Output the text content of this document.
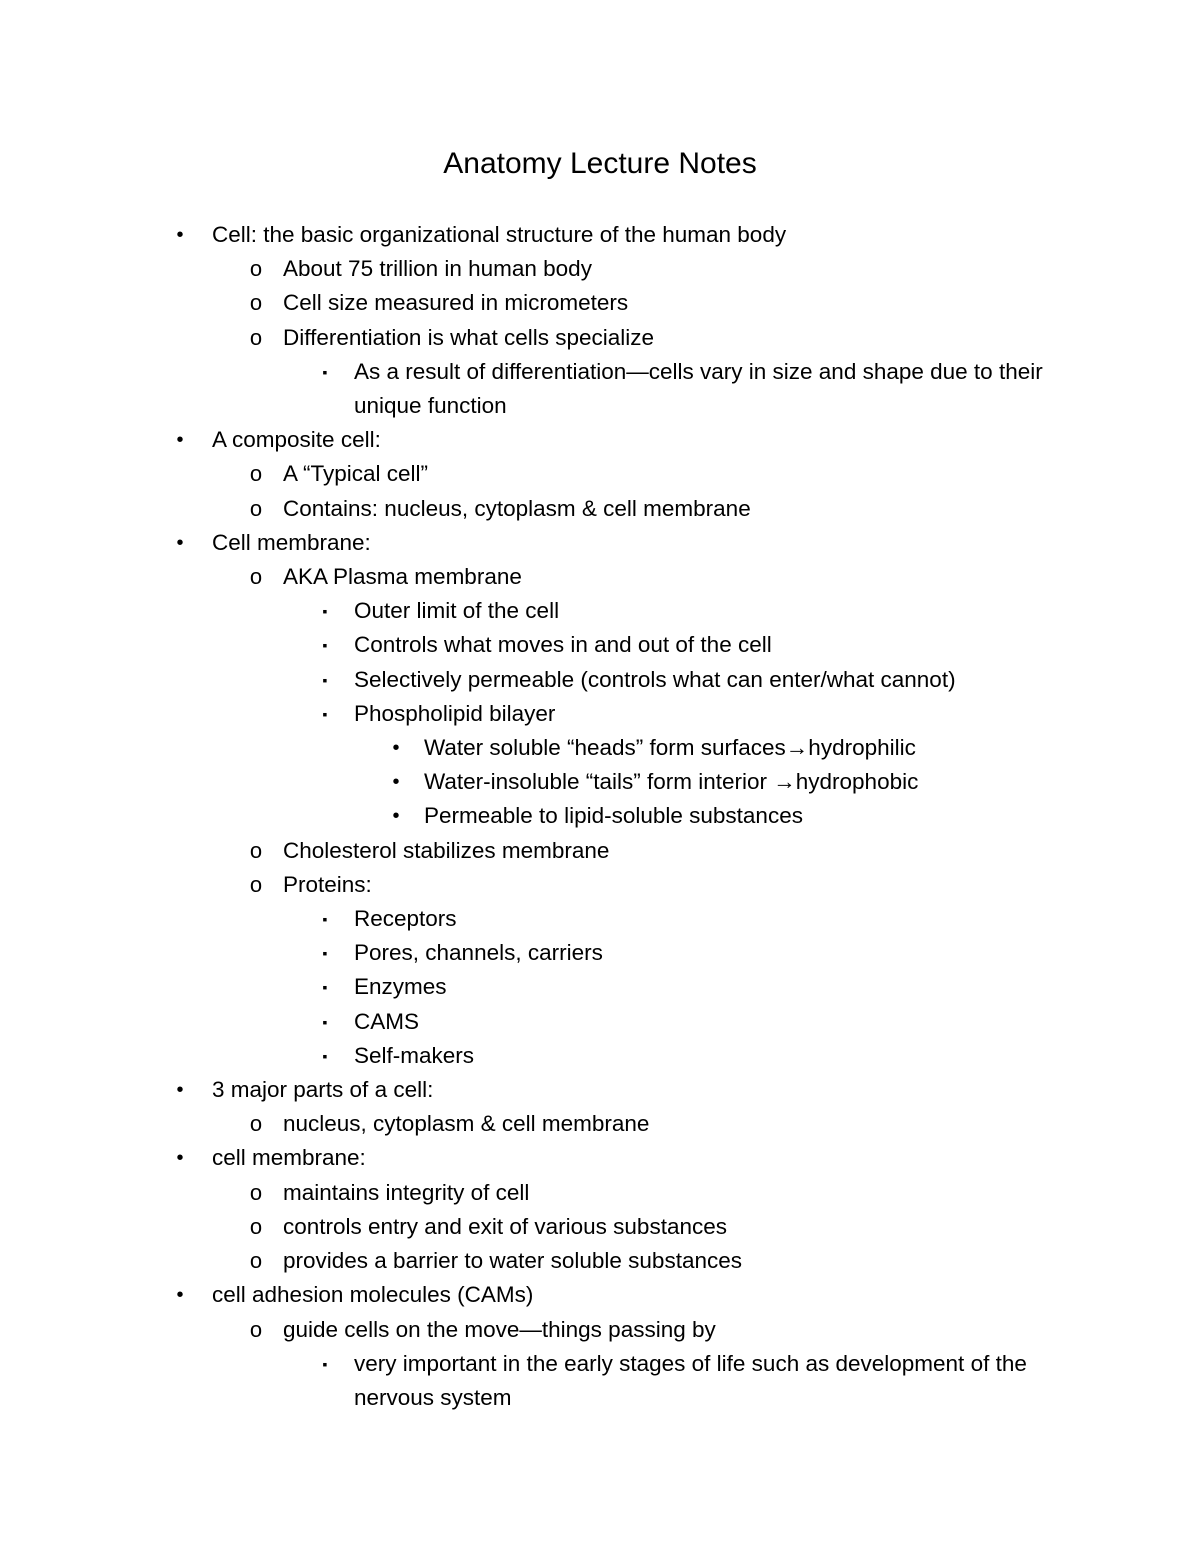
Anatomy Lecture Notes
•	Cell: the basic organizational structure of the human body
o About 75 trillion in human body
o Cell size measured in micrometers
o Differentiation is what cells specialize
▪	As a result of differentiation—cells vary in size and shape due to their unique function
•	A composite cell:
o A “Typical cell”
o Contains: nucleus, cytoplasm & cell membrane
•	Cell membrane:
o AKA Plasma membrane
▪	Outer limit of the cell
▪	Controls what moves in and out of the cell
▪	Selectively permeable (controls what can enter/what cannot)
▪	Phospholipid bilayer
•	Water soluble “heads” form surfaces→hydrophilic
•	Water-insoluble “tails” form interior →hydrophobic
•	Permeable to lipid-soluble substances
o Cholesterol stabilizes membrane
o Proteins:
▪	Receptors
▪	Pores, channels, carriers
▪	Enzymes
▪	CAMS
▪	Self-makers
•	3 major parts of a cell:
o nucleus, cytoplasm & cell membrane
•	cell membrane:
o maintains integrity of cell
o controls entry and exit of various substances
o provides a barrier to water soluble substances
•	cell adhesion molecules (CAMs)
o guide cells on the move—things passing by
▪	very important in the early stages of life such as development of the nervous system
